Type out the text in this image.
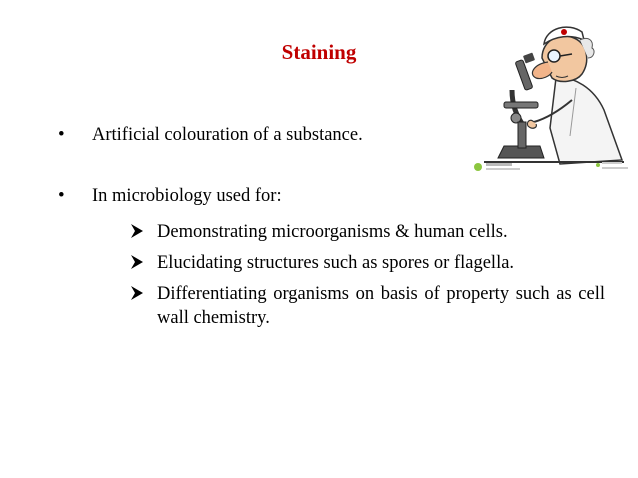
Staining
• Artificial colouration of a substance.
• In microbiology used for:
Demonstrating microorganisms & human cells.
Elucidating structures such as spores or flagella.
Differentiating organisms on basis of property such as cell wall chemistry.
